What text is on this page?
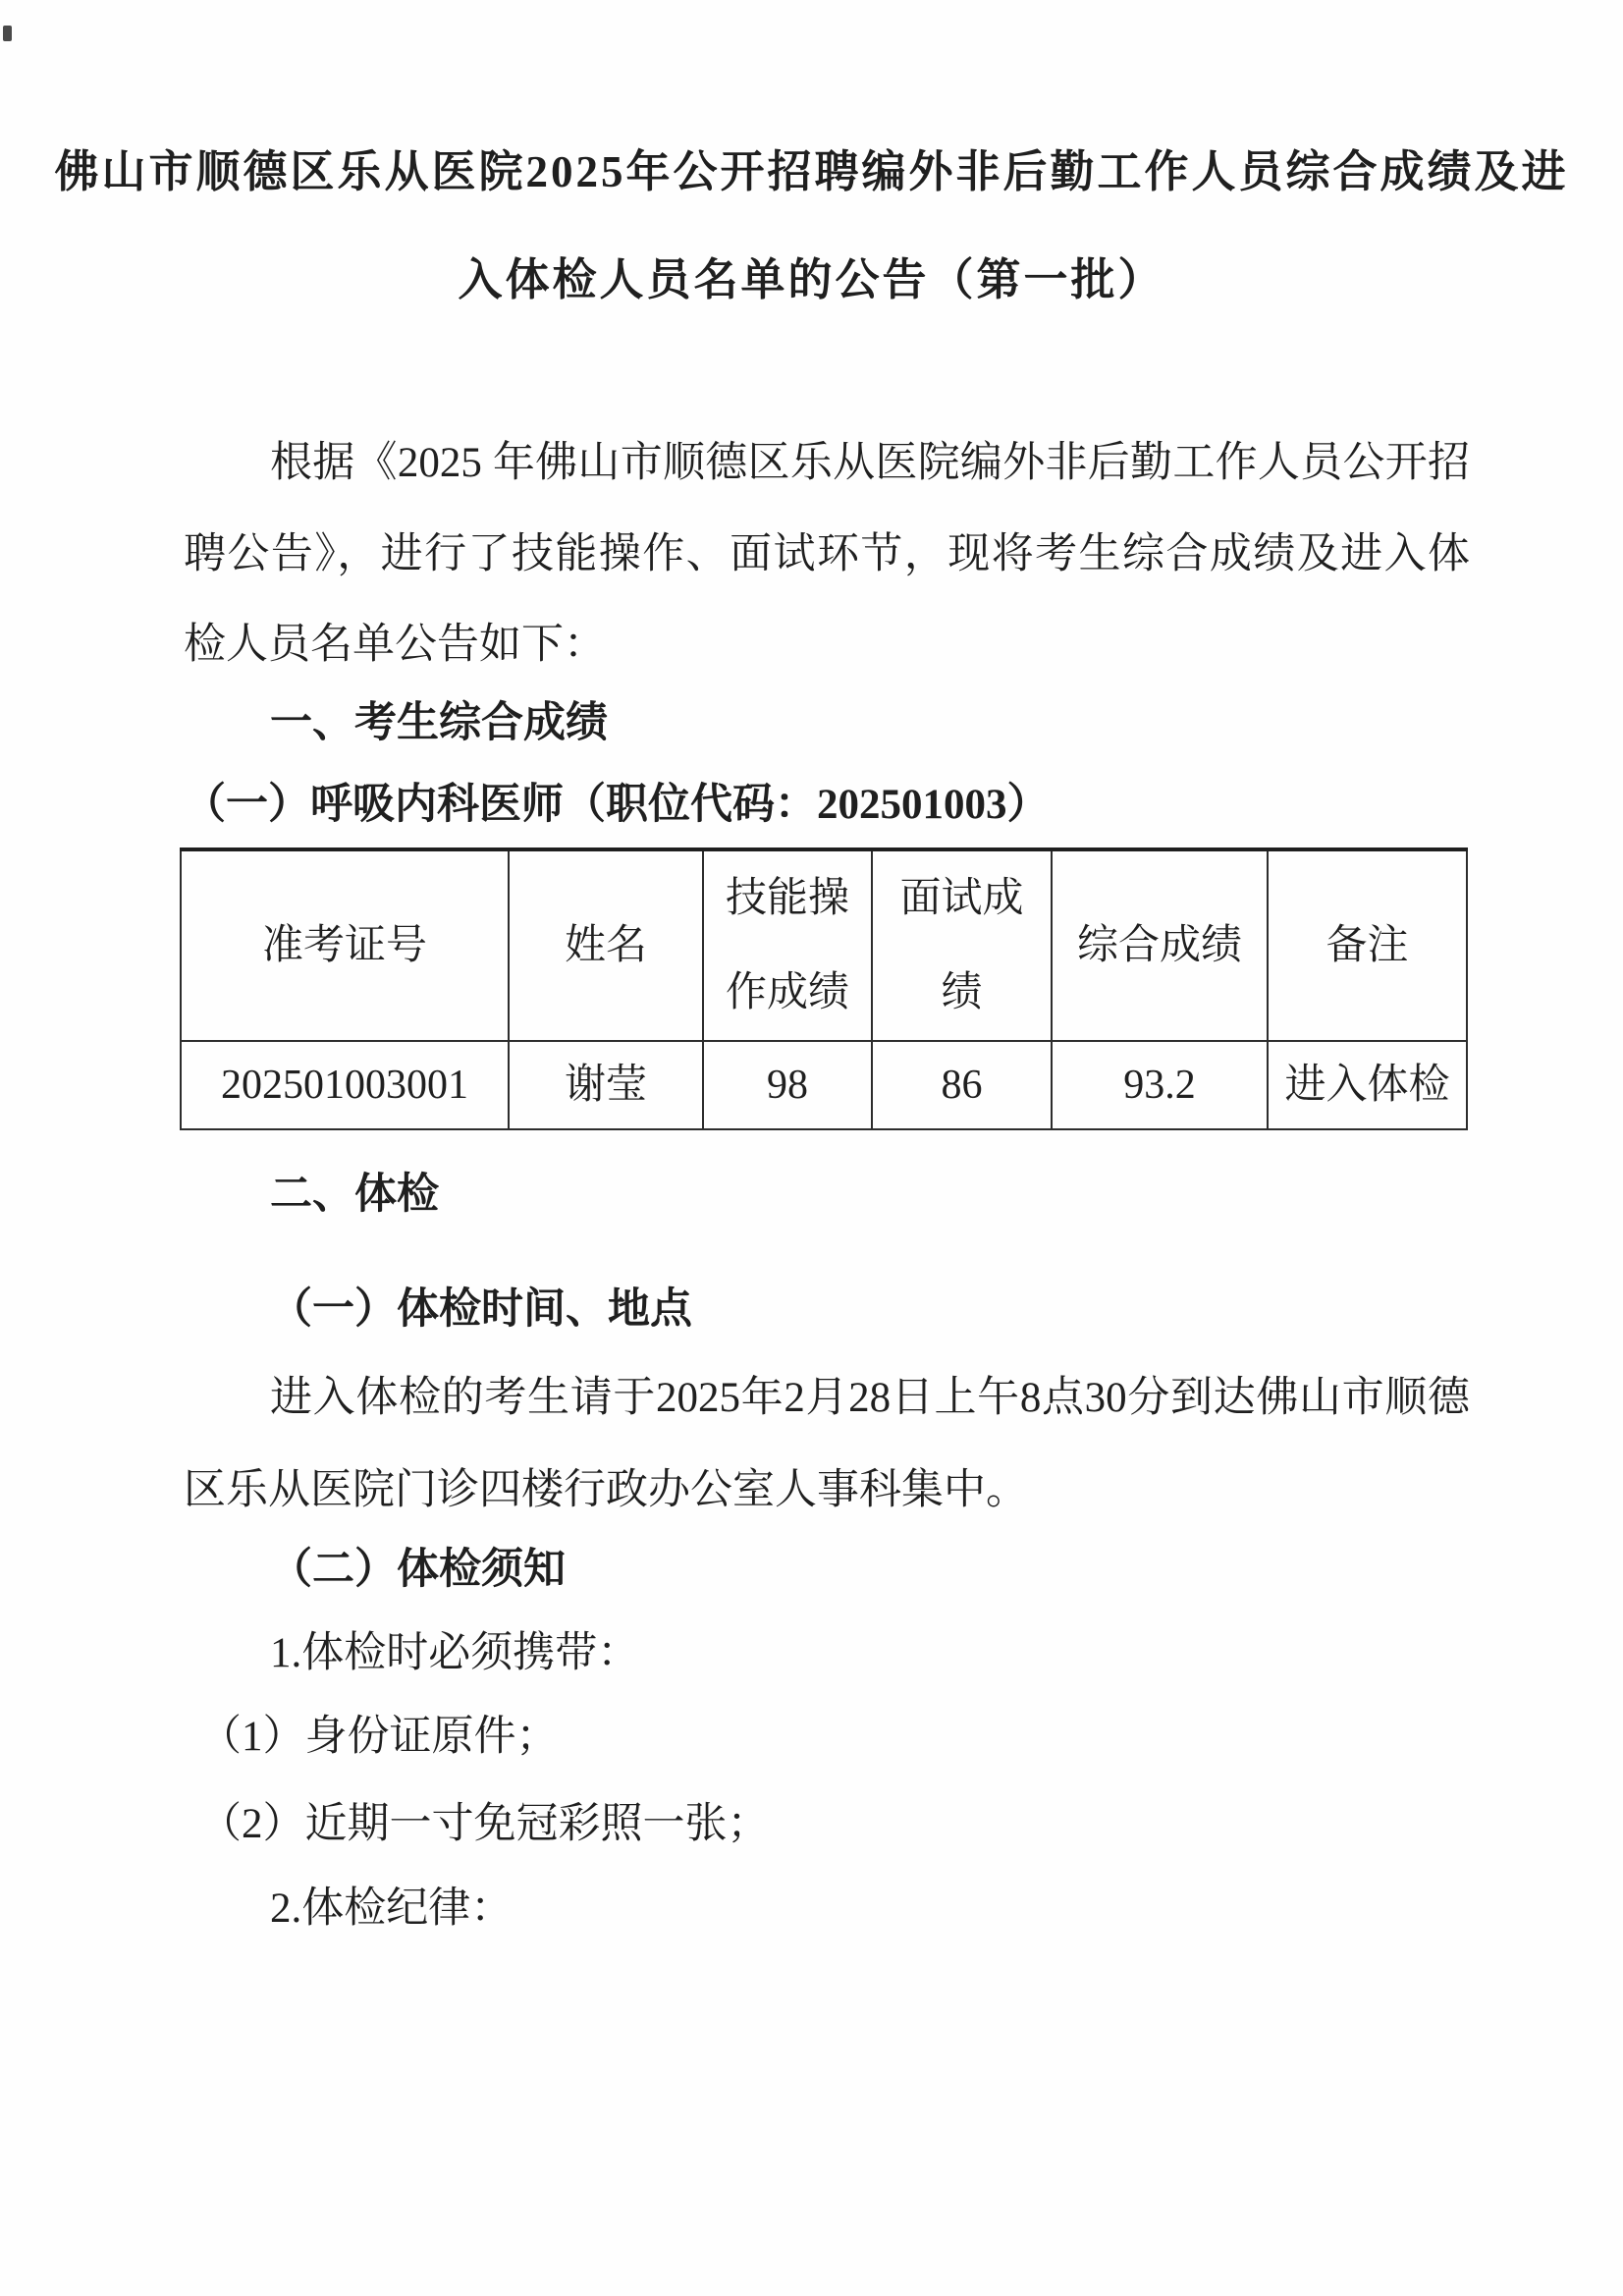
佛山市顺德区乐从医院2025年公开招聘编外非后勤工作人员综合成绩及进
入体检人员名单的公告（第一批）
根据《2025 年佛山市顺德区乐从医院编外非后勤工作人员公开招
聘公告》，进行了技能操作、面试环节，现将考生综合成绩及进入体
检人员名单公告如下：
一、考生综合成绩
（一）呼吸内科医师（职位代码：202501003）
准考证号	姓名	技能操作成绩	面试成绩	综合成绩	备注
202501003001	谢莹	98	86	93.2	进入体检
二、体检
（一）体检时间、地点
进入体检的考生请于2025年2月28日上午8点30分到达佛山市顺德
区乐从医院门诊四楼行政办公室人事科集中。
（二）体检须知
1.体检时必须携带：
（1）身份证原件；
（2）近期一寸免冠彩照一张；
2.体检纪律：
